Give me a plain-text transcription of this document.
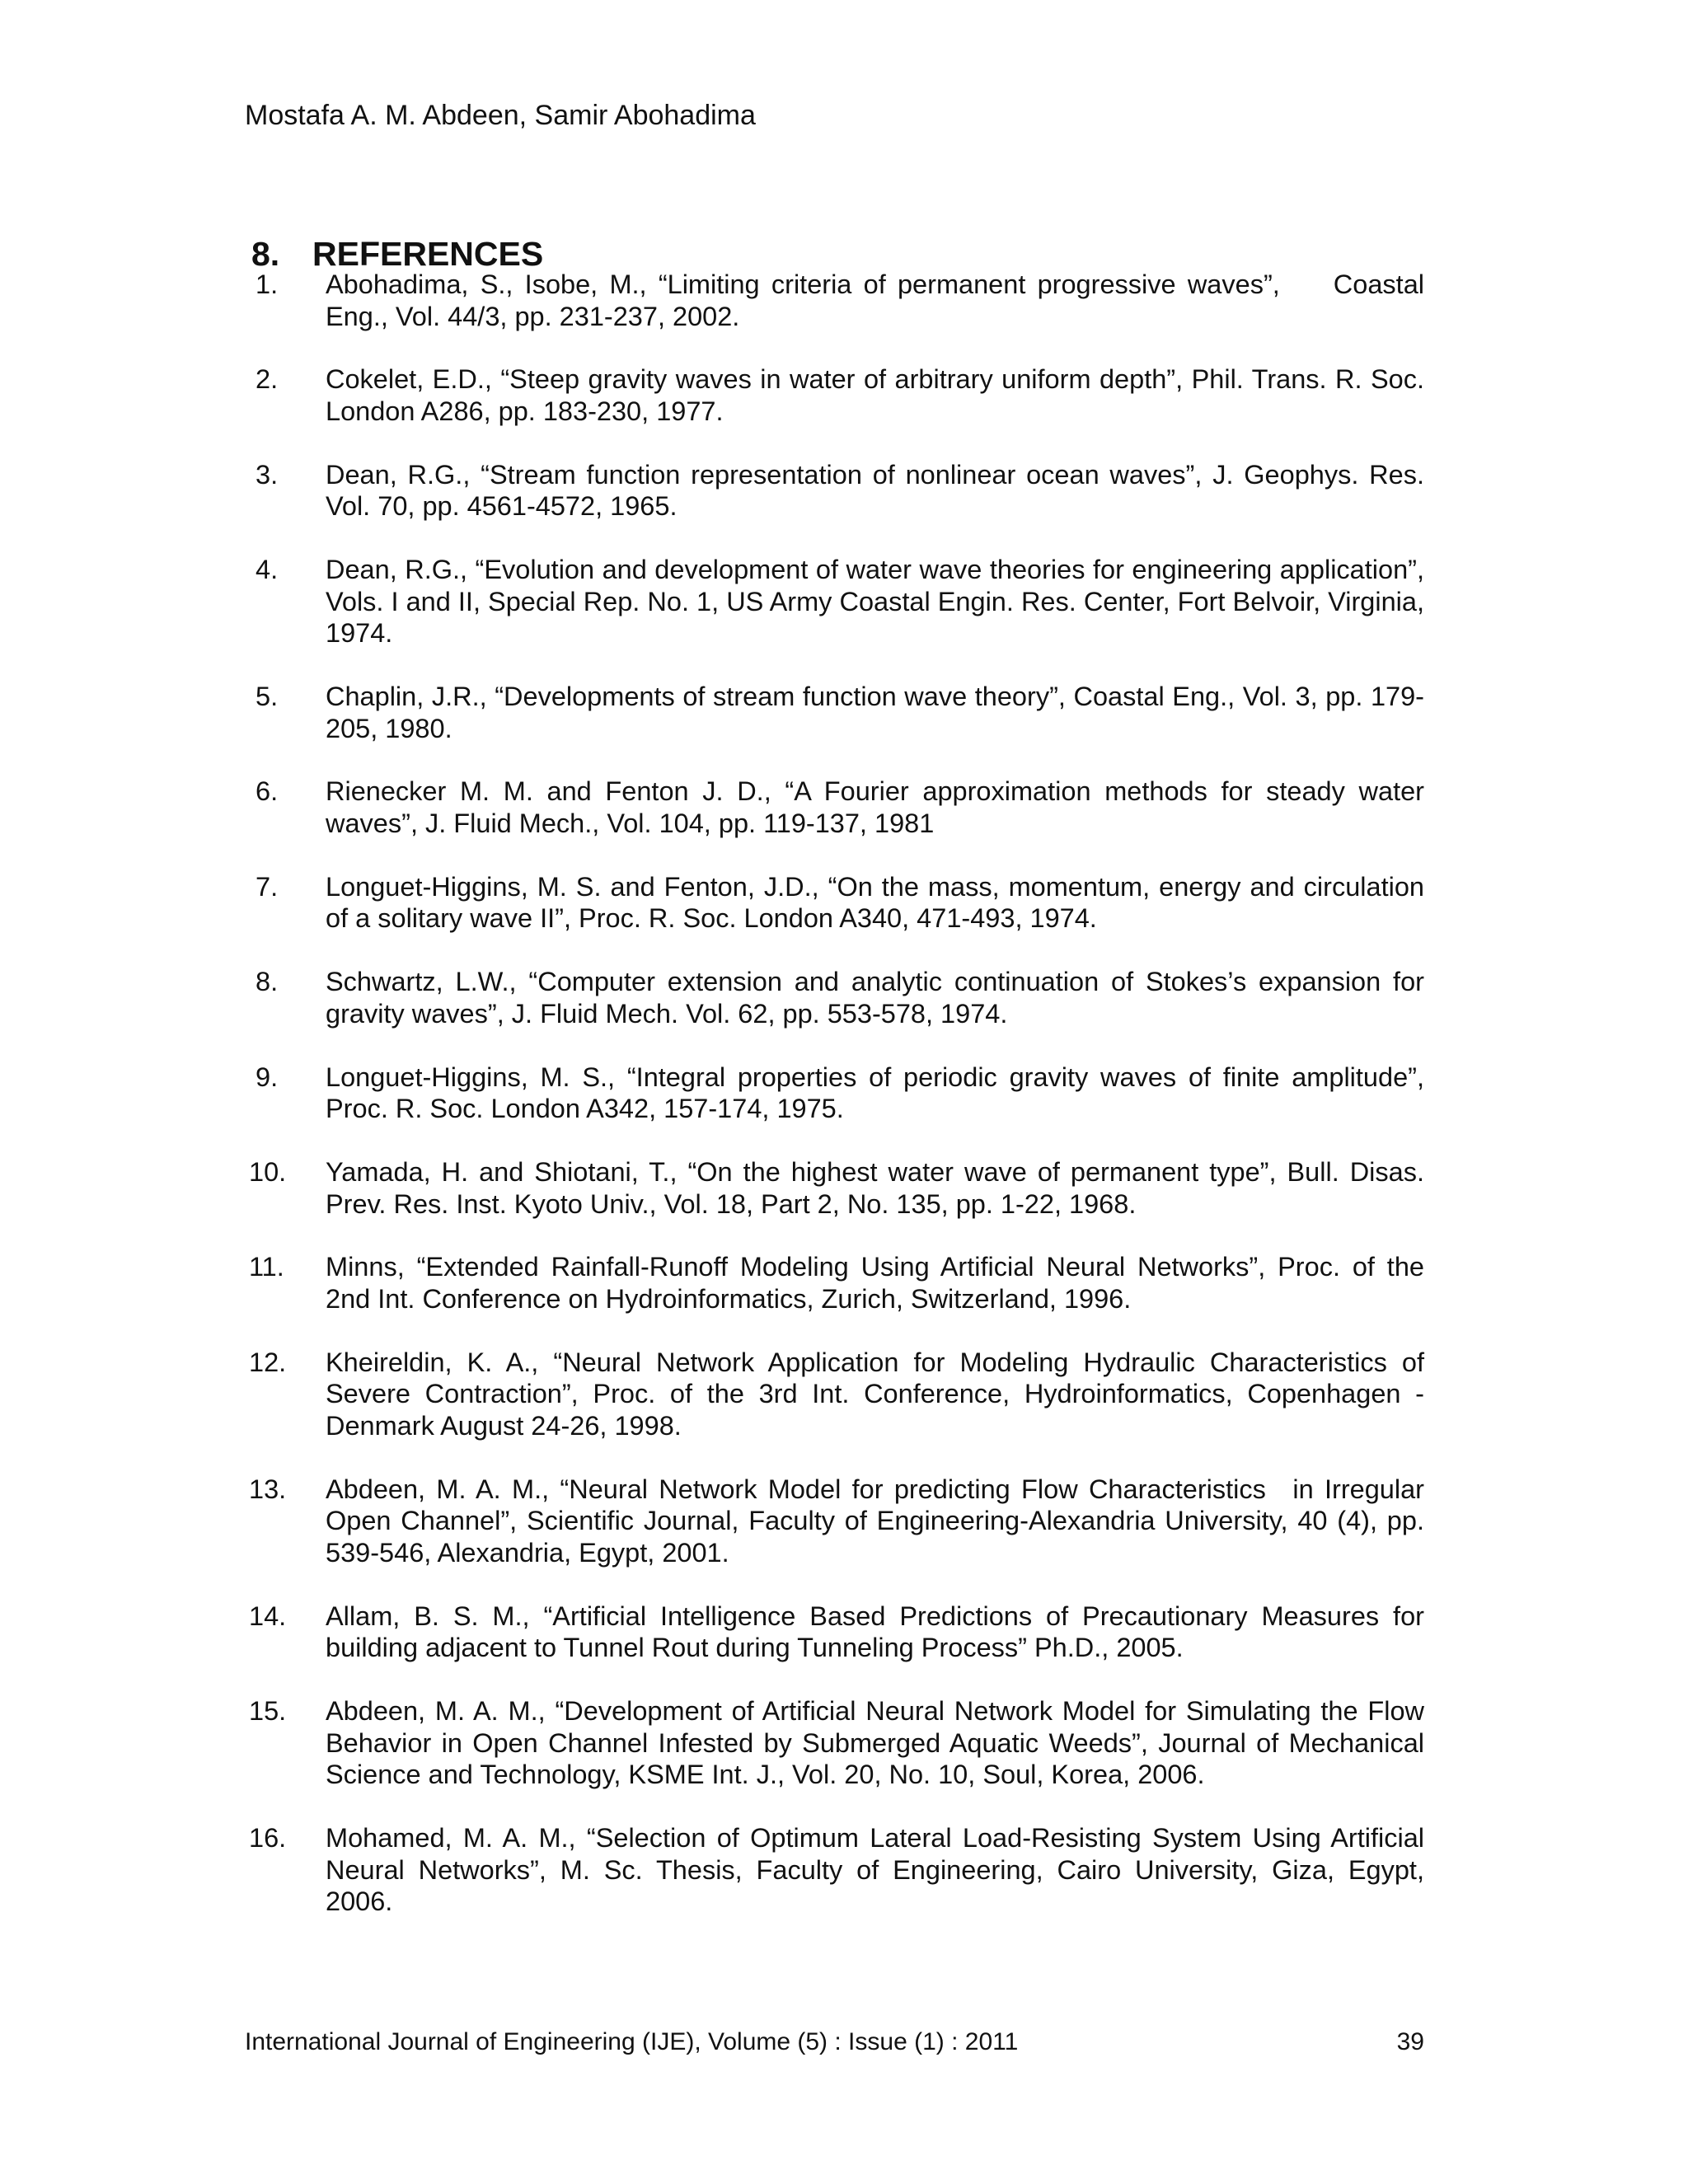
Mostafa A. M. Abdeen, Samir Abohadima
8. REFERENCES
1.	Abohadima, S., Isobe, M., “Limiting criteria of permanent progressive waves”,  Coastal Eng., Vol. 44/3, pp. 231-237, 2002.
2.	Cokelet, E.D., “Steep gravity waves in water of arbitrary uniform depth”, Phil. Trans. R. Soc. London A286, pp. 183-230, 1977.
3.	Dean, R.G., “Stream function representation of nonlinear ocean waves”, J. Geophys. Res. Vol. 70, pp. 4561-4572, 1965.
4.	Dean, R.G., “Evolution and development of water wave theories for engineering application”, Vols. I and II, Special Rep. No. 1, US Army Coastal Engin. Res. Center, Fort Belvoir, Virginia, 1974.
5.	Chaplin, J.R., “Developments of stream function wave theory”, Coastal Eng., Vol. 3, pp. 179-205, 1980.
6.	Rienecker M. M. and Fenton J. D., “A Fourier approximation methods for steady water waves”, J. Fluid Mech., Vol. 104, pp. 119-137, 1981
7.	Longuet-Higgins, M. S. and Fenton, J.D., “On the mass, momentum, energy and circulation of a solitary wave II”, Proc. R. Soc. London A340, 471-493, 1974.
8.	Schwartz, L.W., “Computer extension and analytic continuation of Stokes’s expansion for gravity waves”, J. Fluid Mech. Vol. 62, pp. 553-578, 1974.
9.	Longuet-Higgins, M. S., “Integral properties of periodic gravity waves of finite amplitude”, Proc. R. Soc. London A342, 157-174, 1975.
10.	Yamada, H. and Shiotani, T., “On the highest water wave of permanent type”, Bull. Disas. Prev. Res. Inst. Kyoto Univ., Vol. 18, Part 2, No. 135, pp. 1-22, 1968.
11.	Minns, “Extended Rainfall-Runoff Modeling Using Artificial Neural Networks”, Proc. of the 2nd Int. Conference on Hydroinformatics, Zurich, Switzerland, 1996.
12.	Kheireldin, K. A., “Neural Network Application for Modeling Hydraulic Characteristics of Severe Contraction”, Proc. of the 3rd Int. Conference, Hydroinformatics, Copenhagen - Denmark August 24-26, 1998.
13.	Abdeen, M. A. M., “Neural Network Model for predicting Flow Characteristics in Irregular Open Channel”, Scientific Journal, Faculty of Engineering-Alexandria University, 40 (4), pp. 539-546, Alexandria, Egypt, 2001.
14.	Allam, B. S. M., “Artificial Intelligence Based Predictions of Precautionary Measures for building adjacent to Tunnel Rout during Tunneling Process” Ph.D., 2005.
15.	Abdeen, M. A. M., “Development of Artificial Neural Network Model for Simulating the Flow Behavior in Open Channel Infested by Submerged Aquatic Weeds”, Journal of Mechanical Science and Technology, KSME Int. J., Vol. 20, No. 10, Soul, Korea, 2006.
16.	Mohamed, M. A. M., “Selection of Optimum Lateral Load-Resisting System Using Artificial Neural Networks”, M. Sc. Thesis, Faculty of Engineering, Cairo University, Giza, Egypt, 2006.
International Journal of Engineering (IJE), Volume (5) : Issue (1) : 2011	39
